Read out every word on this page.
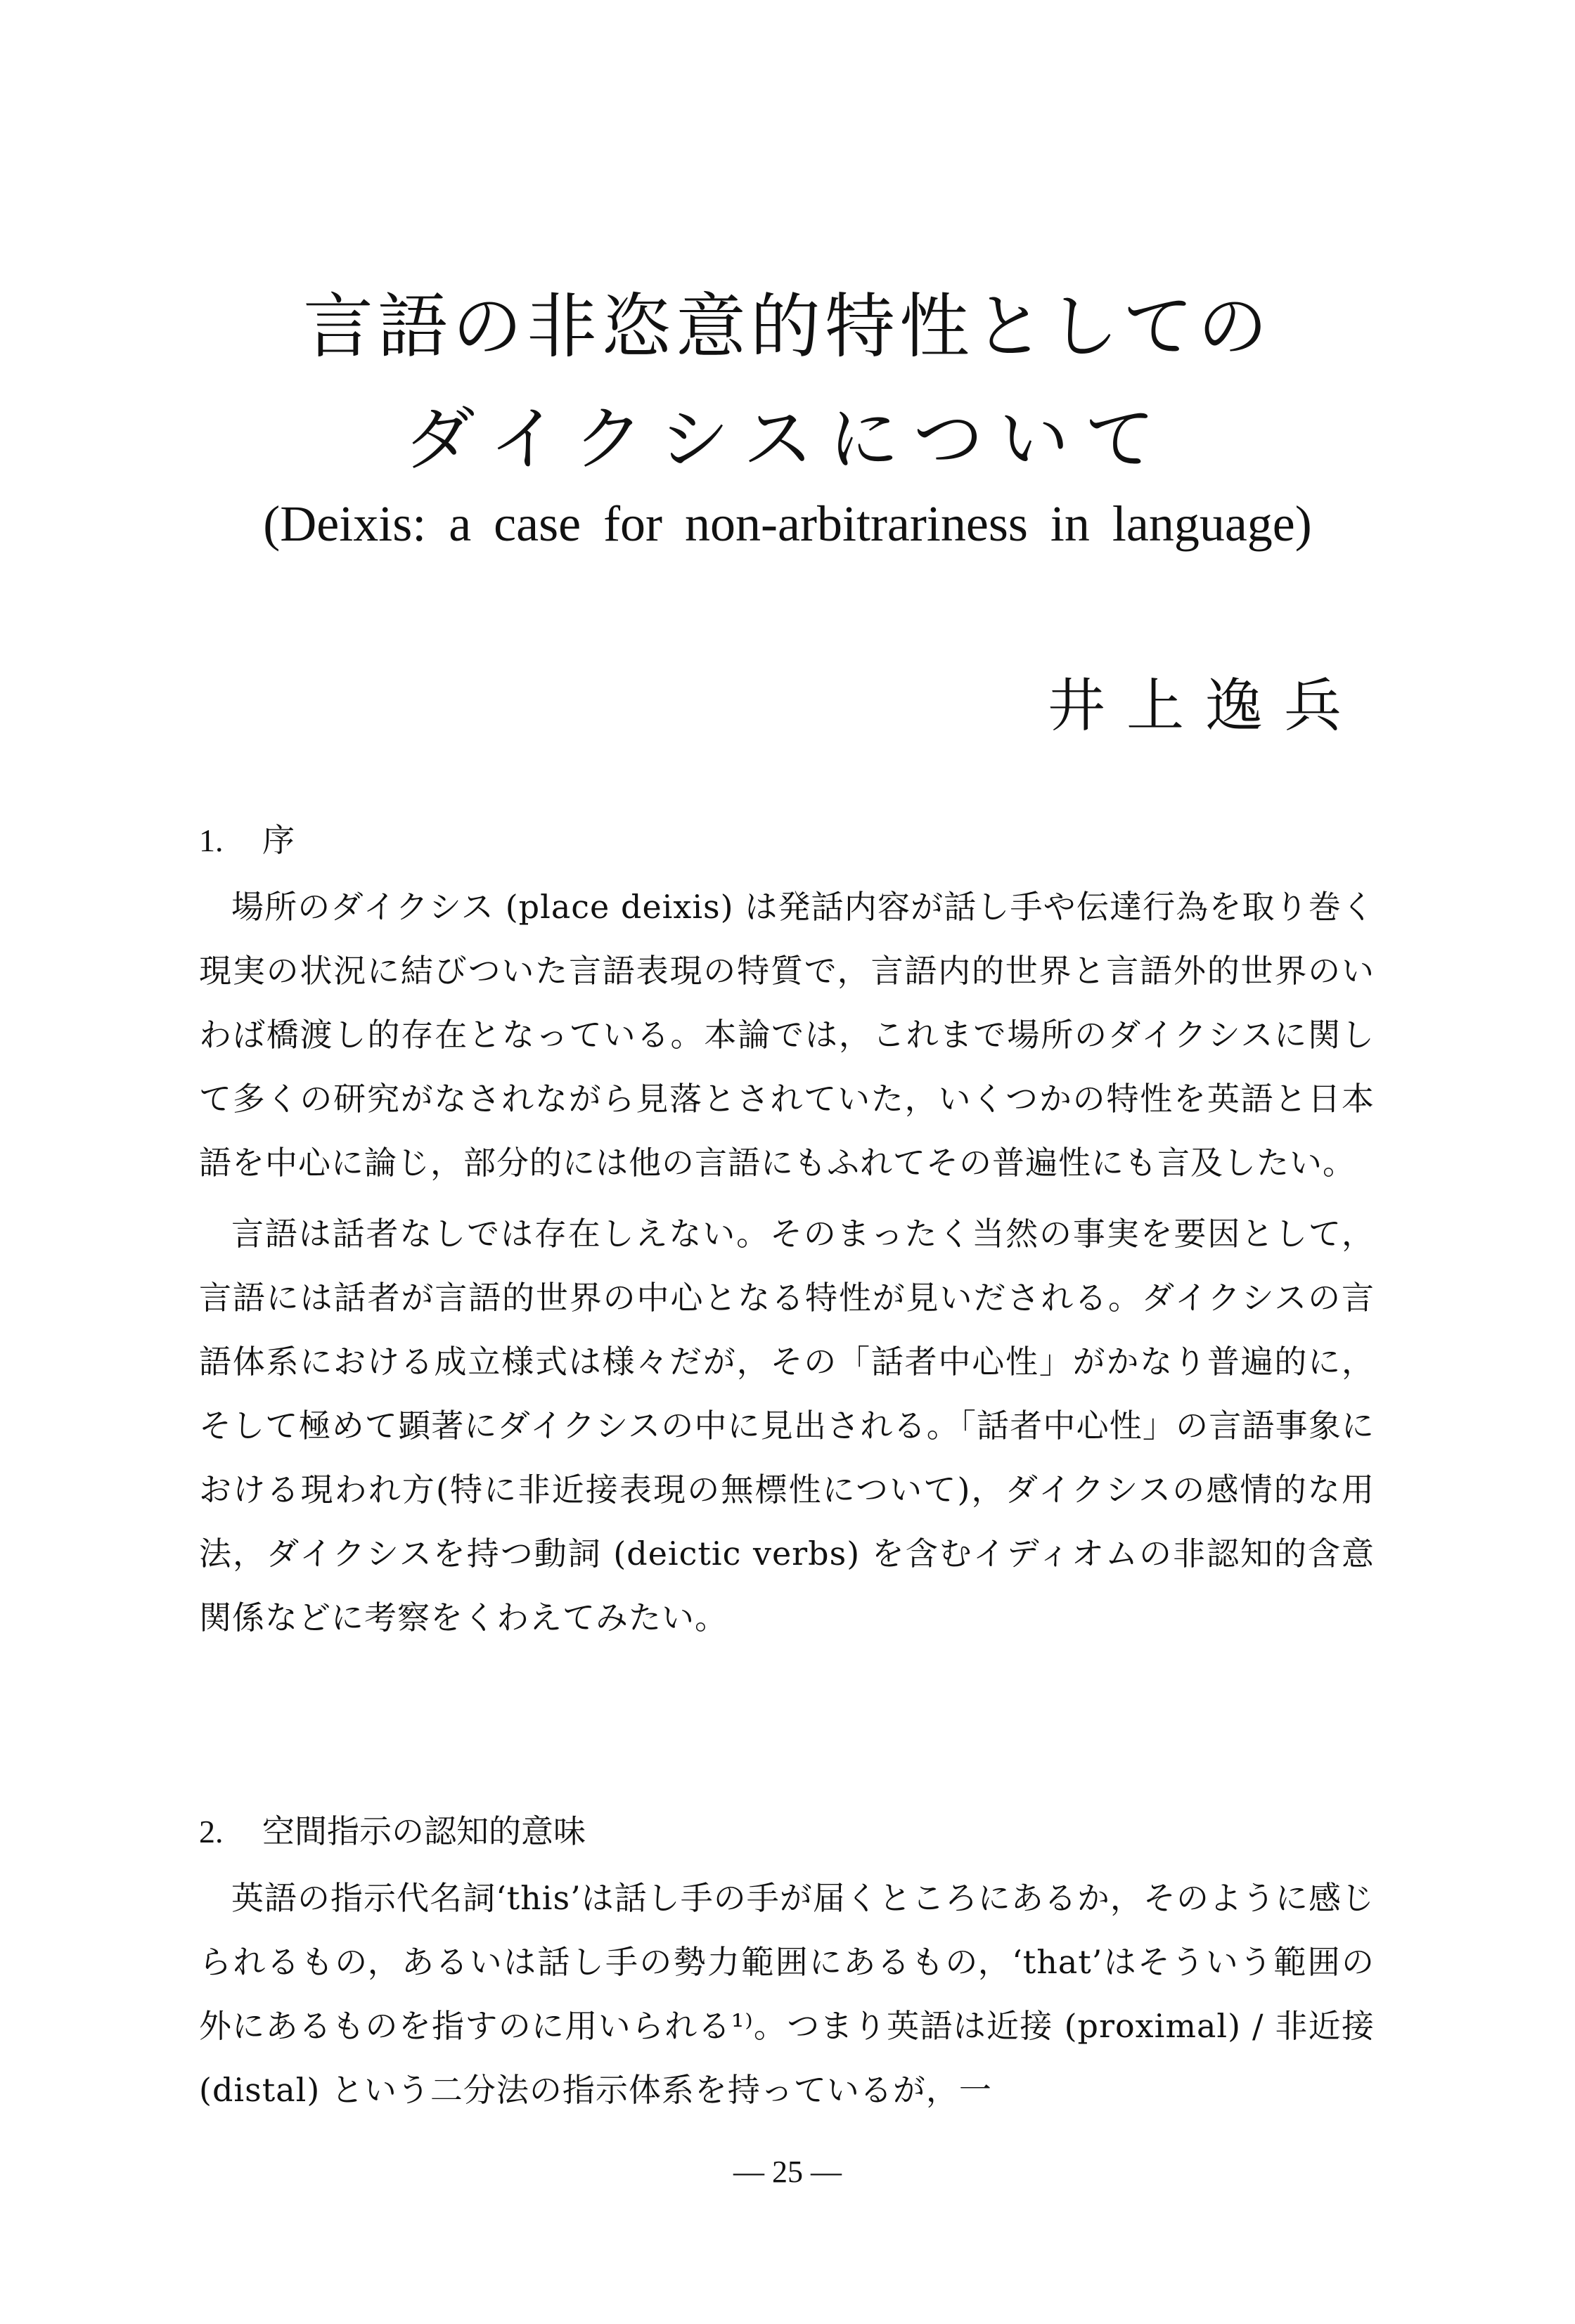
言語の非恣意的特性としての
ダイクシスについて
(Deixis: a case for non-arbitrariness in language)
井上逸兵
1. 序

場所のダイクシス (place deixis) は発話内容が話し手や伝達行為を取り巻く現実の状況に結びついた言語表現の特質で，言語内的世界と言語外的世界のいわば橋渡し的存在となっている。本論では，これまで場所のダイクシスに関して多くの研究がなされながら見落とされていた，いくつかの特性を英語と日本語を中心に論じ，部分的には他の言語にもふれてその普遍性にも言及したい。

言語は話者なしでは存在しえない。そのまったく当然の事実を要因として，言語には話者が言語的世界の中心となる特性が見いだされる。ダイクシスの言語体系における成立様式は様々だが，その「話者中心性」がかなり普遍的に，そして極めて顕著にダイクシスの中に見出される。「話者中心性」の言語事象における現われ方(特に非近接表現の無標性について)，ダイクシスの感情的な用法，ダイクシスを持つ動詞 (deictic verbs) を含むイディオムの非認知的含意関係などに考察をくわえてみたい。

2. 空間指示の認知的意味

英語の指示代名詞‘this’は話し手の手が届くところにあるか，そのように感じられるもの，あるいは話し手の勢力範囲にあるもの，‘that’はそういう範囲の外にあるものを指すのに用いられる¹⁾。つまり英語は近接 (proximal) / 非近接 (distal) という二分法の指示体系を持っているが，一

— 25 —
